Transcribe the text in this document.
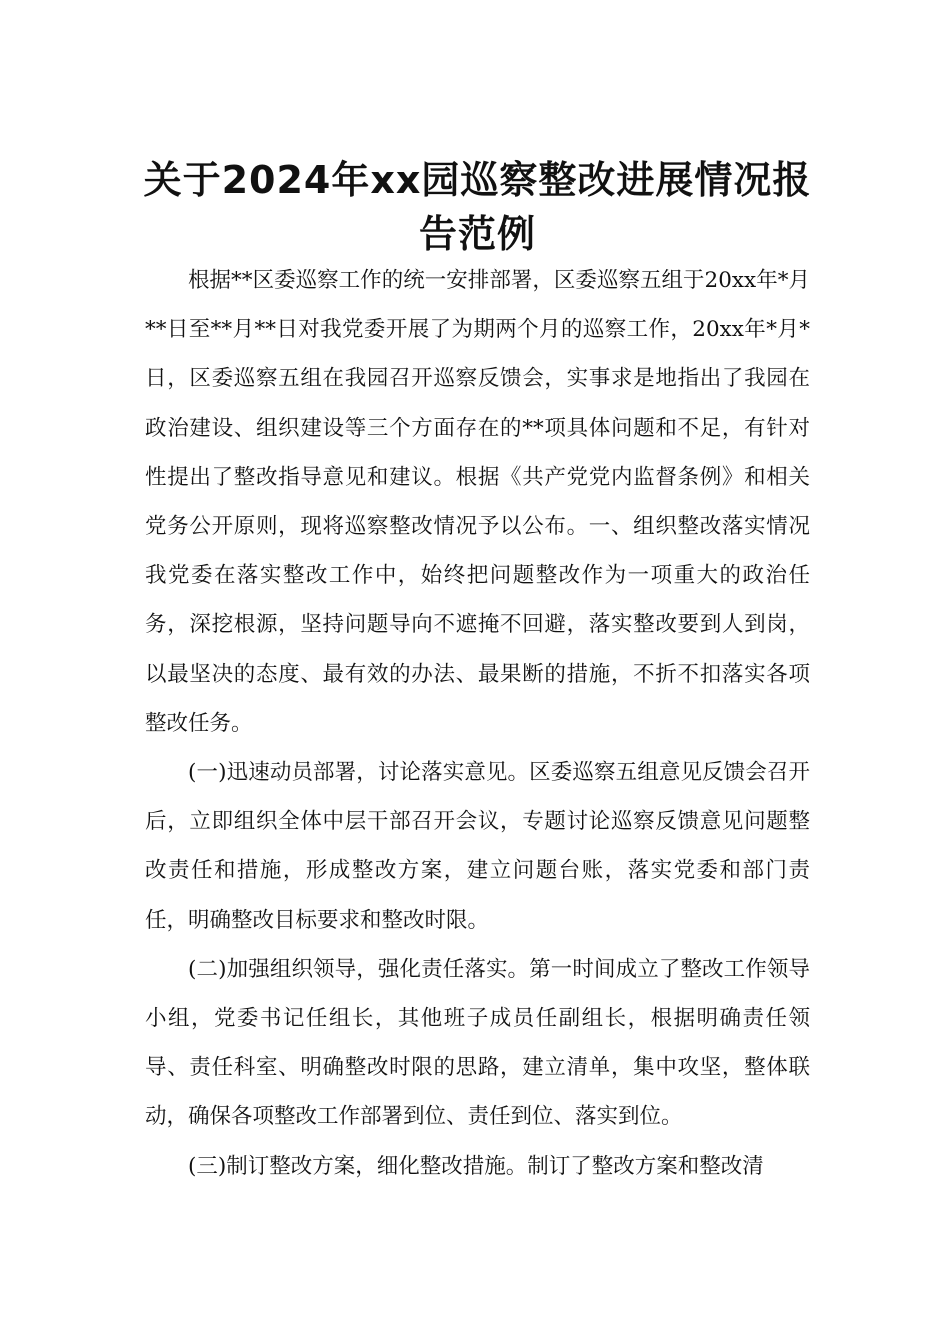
关于2024年xx园巡察整改进展情况报
告范例

根据**区委巡察工作的统一安排部署，区委巡察五组于20xx年*月**日至**月**日对我党委开展了为期两个月的巡察工作，20xx年*月*日，区委巡察五组在我园召开巡察反馈会，实事求是地指出了我园在政治建设、组织建设等三个方面存在的**项具体问题和不足，有针对性提出了整改指导意见和建议。根据《共产党党内监督条例》和相关党务公开原则，现将巡察整改情况予以公布。一、组织整改落实情况　　我党委在落实整改工作中，始终把问题整改作为一项重大的政治任务，深挖根源，坚持问题导向不遮掩不回避，落实整改要到人到岗，以最坚决的态度、最有效的办法、最果断的措施，不折不扣落实各项整改任务。

(一)迅速动员部署，讨论落实意见。区委巡察五组意见反馈会召开后，立即组织全体中层干部召开会议，专题讨论巡察反馈意见问题整改责任和措施，形成整改方案，建立问题台账，落实党委和部门责任，明确整改目标要求和整改时限。

(二)加强组织领导，强化责任落实。第一时间成立了整改工作领导小组，党委书记任组长，其他班子成员任副组长，根据明确责任领导、责任科室、明确整改时限的思路，建立清单，集中攻坚，整体联动，确保各项整改工作部署到位、责任到位、落实到位。

(三)制订整改方案，细化整改措施。制订了整改方案和整改清
